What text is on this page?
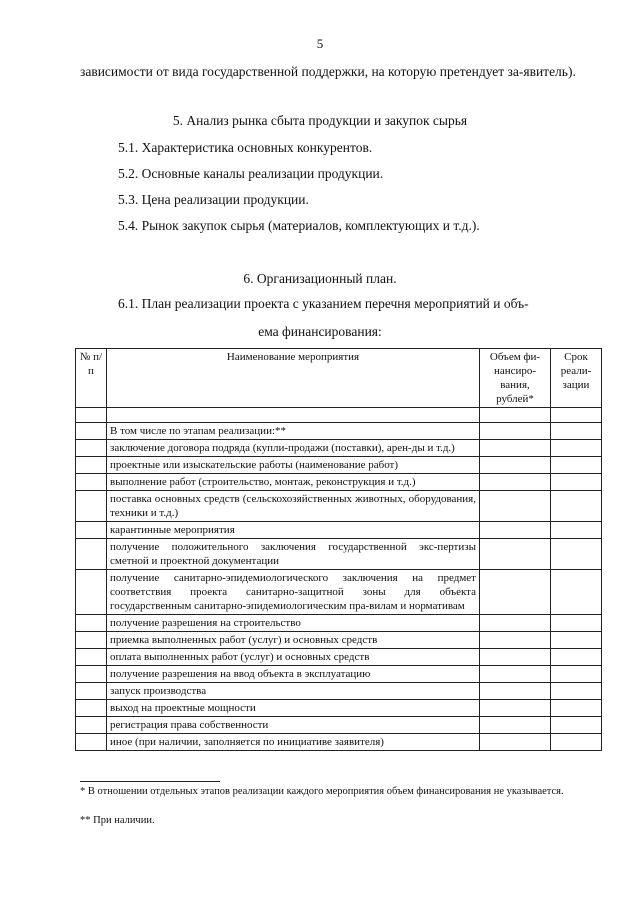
5
зависимости от вида государственной поддержки, на которую претендует за-явитель).
5. Анализ рынка сбыта продукции и закупок сырья
5.1. Характеристика основных конкурентов.
5.2. Основные каналы реализации продукции.
5.3. Цена реализации продукции.
5.4. Рынок закупок сырья (материалов, комплектующих и т.д.).
6. Организационный план.
6.1. План реализации проекта с указанием перечня мероприятий и объ-
ема финансирования:
№ п/п	Наименование мероприятия	Объем фи-нансиро-вания, рублей*	Срок реали-зации

	В том числе по этапам реализации:**		
	заключение договора подряда (купли-продажи (поставки), арен-ды и т.д.)		
	проектные или изыскательские работы (наименование работ)		
	выполнение работ (строительство, монтаж, реконструкция и т.д.)		
	поставка основных средств (сельскохозяйственных животных, оборудования, техники и т.д.)		
	карантинные мероприятия		
	получение положительного заключения государственной экс-пертизы сметной и проектной документации		
	получение санитарно-эпидемиологического заключения на предмет соответствия проекта санитарно-защитной зоны для объекта государственным санитарно-эпидемиологическим пра-вилам и нормативам		
	получение разрешения на строительство		
	приемка выполненных работ (услуг) и основных средств		
	оплата выполненных работ (услуг) и основных средств		
	получение разрешения на ввод объекта в эксплуатацию		
	запуск производства		
	выход на проектные мощности		
	регистрация права собственности		
	иное (при наличии, заполняется по инициативе заявителя)		
* В отношении отдельных этапов реализации каждого мероприятия объем финансирования не указывается.
** При наличии.
